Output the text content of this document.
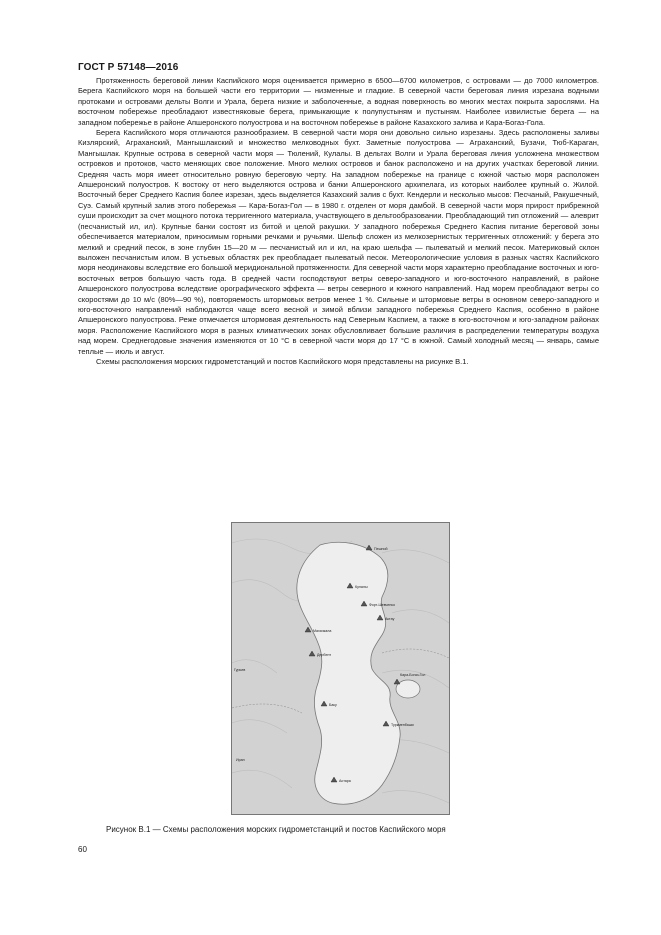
ГОСТ Р 57148—2016

Протяженность береговой линии Каспийского моря оценивается примерно в 6500—6700 километров, с островами — до 7000 километров. Берега Каспийского моря на большей части его территории — низменные и гладкие. В северной части береговая линия изрезана водными протоками и островами дельты Волги и Урала, берега низкие и заболоченные, а водная поверхность во многих местах покрыта зарослями. На восточном побережье преобладают известняковые берега, примыкающие к полупустыням и пустыням. Наиболее извилистые берега — на западном побережье в районе Апшеронского полуострова и на восточном побережье в районе Казахского залива и Кара-Богаз-Гола.

Берега Каспийского моря отличаются разнообразием. В северной части моря они довольно сильно изрезаны. Здесь расположены заливы Кизлярский, Аграханский, Мангышлакский и множество мелководных бухт. Заметные полуострова — Аграханский, Бузачи, Тюб-Караган, Мангышлак. Крупные острова в северной части моря — Тюлений, Кулалы. В дельтах Волги и Урала береговая линия усложнена множеством островков и протоков, часто меняющих свое положение. Много мелких островов и банок расположено и на других участках береговой линии. Средняя часть моря имеет относительно ровную береговую черту. На западном побережье на границе с южной частью моря расположен Апшеронский полуостров. К востоку от него выделяются острова и банки Апшеронского архипелага, из которых наиболее крупный о. Жилой. Восточный берег Среднего Каспия более изрезан, здесь выделяется Казахский залив с бухт. Кендерли и несколько мысов: Песчаный, Ракушечный, Суэ. Самый крупный залив этого побережья — Кара-Богаз-Гол — в 1980 г. отделен от моря дамбой. В северной части моря прирост прибрежной суши происходит за счет мощного потока терригенного материала, участвующего в дельтообразовании. Преобладающий тип отложений — алеврит (песчанистый ил, ил). Крупные банки состоят из битой и целой ракушки. У западного побережья Среднего Каспия питание береговой зоны обеспечивается материалом, приносимым горными речками и ручьями. Шельф сложен из мелкозернистых терригенных отложений: у берега это мелкий и средний песок, в зоне глубин 15—20 м — песчанистый ил и ил, на краю шельфа — пылеватый и мелкий песок. Материковый склон выложен песчанистым илом. В устьевых областях рек преобладает пылеватый песок. Метеорологические условия в разных частях Каспийского моря неодинаковы вследствие его большой меридиональной протяженности. Для северной части моря характерно преобладание восточных и юго-восточных ветров большую часть года. В средней части господствуют ветры северо-западного и юго-восточного направлений, в районе Апшеронского полуострова вследствие орографического эффекта — ветры северного и южного направлений. Над морем преобладают ветры со скоростями до 10 м/с (80%—90 %), повторяемость штормовых ветров менее 1 %. Сильные и штормовые ветры в основном северо-западного и юго-восточного направлений наблюдаются чаще всего весной и зимой вблизи западного побережья Среднего Каспия, особенно в районе Апшеронского полуострова. Реже отмечается штормовая деятельность над Северным Каспием, а также в юго-восточном и юго-западном районах моря. Расположение Каспийского моря в разных климатических зонах обусловливает большие различия в распределении температуры воздуха над морем. Среднегодовые значения изменяются от 10 °С в северной части моря до 17 °С в южной. Самый холодный месяц — январь, самые теплые — июль и август.

Схемы расположения морских гидрометстанций и постов Каспийского моря представлены на рисунке В.1.

Гурьев
Иран
Пешной
Махачкала
Дербент
Баку
Кара-Богаз-Гол
Туркменбаши
Астара
Кулалы
Форт-Шевченко
Актау
Рисунок В.1 — Схемы расположения морских гидрометстанций и постов Каспийского моря
60
